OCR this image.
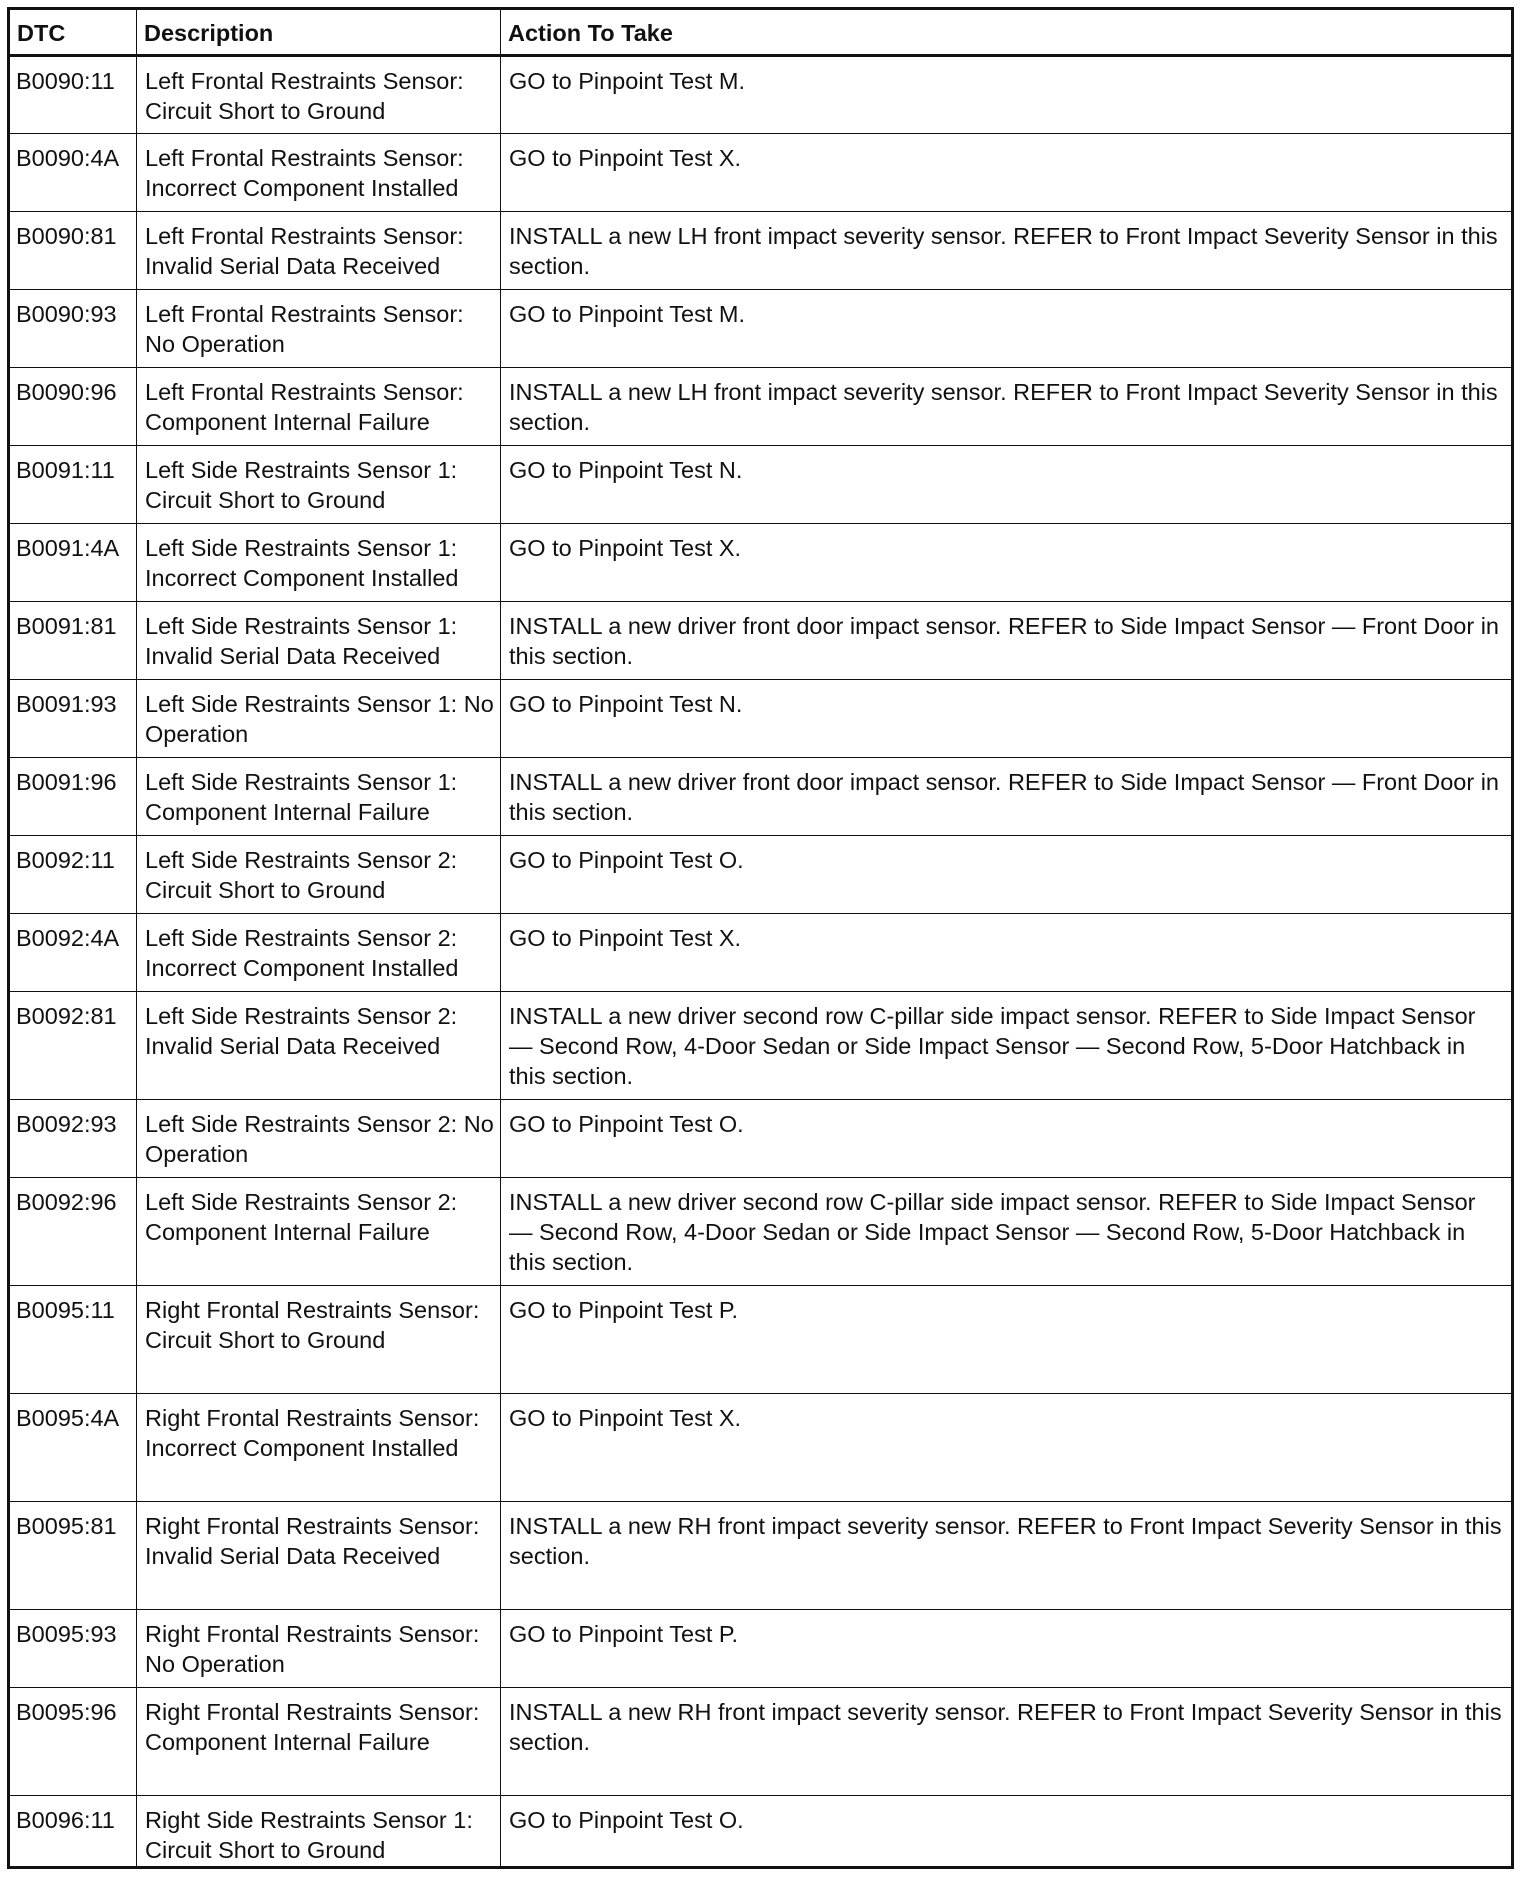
DTC	Description	Action To Take
B0090:11	Left Frontal Restraints Sensor: Circuit Short to Ground	GO to Pinpoint Test M.
B0090:4A	Left Frontal Restraints Sensor: Incorrect Component Installed	GO to Pinpoint Test X.
B0090:81	Left Frontal Restraints Sensor: Invalid Serial Data Received	INSTALL a new LH front impact severity sensor. REFER to Front Impact Severity Sensor in this section.
B0090:93	Left Frontal Restraints Sensor: No Operation	GO to Pinpoint Test M.
B0090:96	Left Frontal Restraints Sensor: Component Internal Failure	INSTALL a new LH front impact severity sensor. REFER to Front Impact Severity Sensor in this section.
B0091:11	Left Side Restraints Sensor 1: Circuit Short to Ground	GO to Pinpoint Test N.
B0091:4A	Left Side Restraints Sensor 1: Incorrect Component Installed	GO to Pinpoint Test X.
B0091:81	Left Side Restraints Sensor 1: Invalid Serial Data Received	INSTALL a new driver front door impact sensor. REFER to Side Impact Sensor — Front Door in this section.
B0091:93	Left Side Restraints Sensor 1: No Operation	GO to Pinpoint Test N.
B0091:96	Left Side Restraints Sensor 1: Component Internal Failure	INSTALL a new driver front door impact sensor. REFER to Side Impact Sensor — Front Door in this section.
B0092:11	Left Side Restraints Sensor 2: Circuit Short to Ground	GO to Pinpoint Test O.
B0092:4A	Left Side Restraints Sensor 2: Incorrect Component Installed	GO to Pinpoint Test X.
B0092:81	Left Side Restraints Sensor 2: Invalid Serial Data Received	INSTALL a new driver second row C-pillar side impact sensor. REFER to Side Impact Sensor — Second Row, 4-Door Sedan or Side Impact Sensor — Second Row, 5-Door Hatchback in this section.
B0092:93	Left Side Restraints Sensor 2: No Operation	GO to Pinpoint Test O.
B0092:96	Left Side Restraints Sensor 2: Component Internal Failure	INSTALL a new driver second row C-pillar side impact sensor. REFER to Side Impact Sensor — Second Row, 4-Door Sedan or Side Impact Sensor — Second Row, 5-Door Hatchback in this section.
B0095:11	Right Frontal Restraints Sensor: Circuit Short to Ground	GO to Pinpoint Test P.
B0095:4A	Right Frontal Restraints Sensor: Incorrect Component Installed	GO to Pinpoint Test X.
B0095:81	Right Frontal Restraints Sensor: Invalid Serial Data Received	INSTALL a new RH front impact severity sensor. REFER to Front Impact Severity Sensor in this section.
B0095:93	Right Frontal Restraints Sensor: No Operation	GO to Pinpoint Test P.
B0095:96	Right Frontal Restraints Sensor: Component Internal Failure	INSTALL a new RH front impact severity sensor. REFER to Front Impact Severity Sensor in this section.
B0096:11	Right Side Restraints Sensor 1: Circuit Short to Ground	GO to Pinpoint Test O.
